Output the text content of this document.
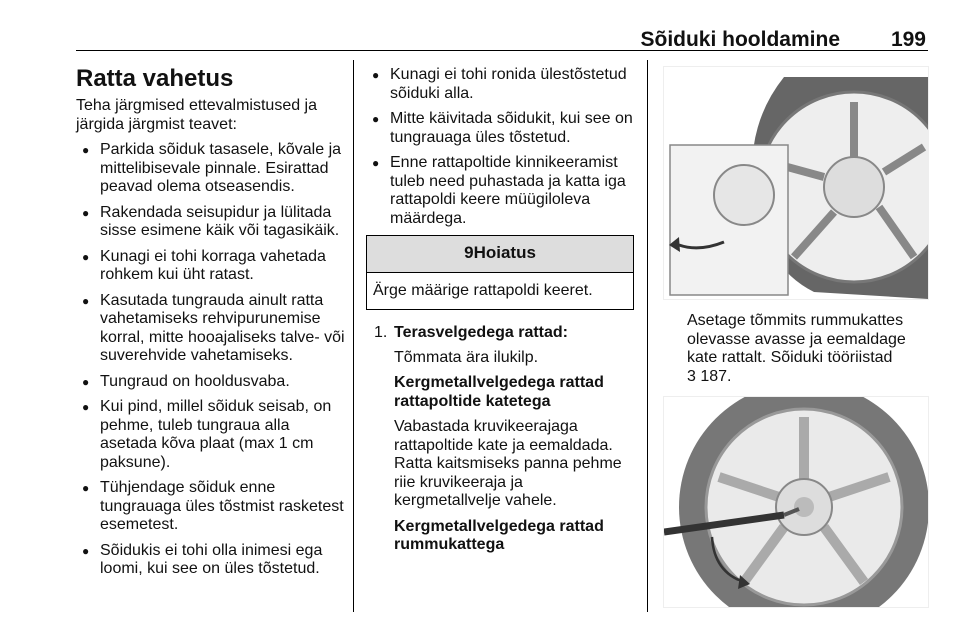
Sõiduki hooldamine 199
Ratta vahetus

Teha järgmised ettevalmistused ja järgida järgmist teavet:

● Parkida sõiduk tasasele, kõvale ja mittelibisevale pinnale. Esirattad peavad olema otseasendis.
● Rakendada seisupidur ja lülitada sisse esimene käik või tagasikäik.
● Kunagi ei tohi korraga vahetada rohkem kui üht ratast.
● Kasutada tungrauda ainult ratta vahetamiseks rehvipurunemise korral, mitte hooajaliseks talve- või suverehvide vahetamiseks.
● Tungraud on hooldusvaba.
● Kui pind, millel sõiduk seisab, on pehme, tuleb tungraua alla asetada kõva plaat (max 1 cm paksune).
● Tühjendage sõiduk enne tungrauaga üles tõstmist rasketest esemetest.
● Sõidukis ei tohi olla inimesi ega loomi, kui see on üles tõstetud.
● Kunagi ei tohi ronida ülestõstetud sõiduki alla.
● Mitte käivitada sõidukit, kui see on tungrauaga üles tõstetud.
● Enne rattapoltide kinnikeeramist tuleb need puhastada ja katta iga rattapoldi keere müügiloleva määrdega.
9Hoiatus
Ärge määrige rattapoldi keeret.
1. Terasvelgedega rattad:

Tõmmata ära ilukilp.

Kergmetallvelgedega rattad rattapoltide katetega

Vabastada kruvikeerajaga rattapoltide kate ja eemaldada. Ratta kaitsmiseks panna pehme riie kruvikeeraja ja kergmetallvelje vahele.

Kergmetallvelgedega rattad rummukattega

Asetage tõmmits rummukattes olevasse avasse ja eemaldage kate rattalt. Sõiduki tööriistad
3 187.
